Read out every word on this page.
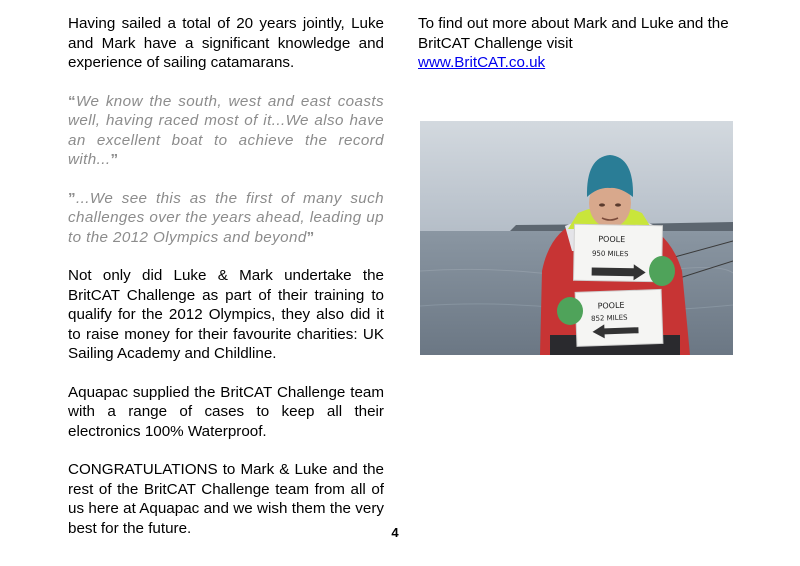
Having sailed a total of 20 years jointly, Luke and Mark have a significant knowledge and experience of sailing catamarans.

“We know the south, west and east coasts well, having raced most of it...We also have an excellent boat to achieve the record with...”

”...We see this as the first of many such challenges over the years ahead, leading up to the 2012 Olympics and beyond”

Not only did Luke & Mark undertake the BritCAT Challenge as part of their training to qualify for the 2012 Olympics, they also did it to raise money for their favourite charities: UK Sailing Academy and Childline.

Aquapac supplied the BritCAT Challenge team with a range of cases to keep all their electronics 100% Waterproof.

CONGRATULATIONS to Mark & Luke and the rest of the BritCAT Challenge team from all of us here at Aquapac and we wish them the very best for the future.

To find out more about Mark and Luke and the BritCAT Challenge visit
www.BritCAT.co.uk

POOLE
950 MILES
POOLE
852 MILES
4
